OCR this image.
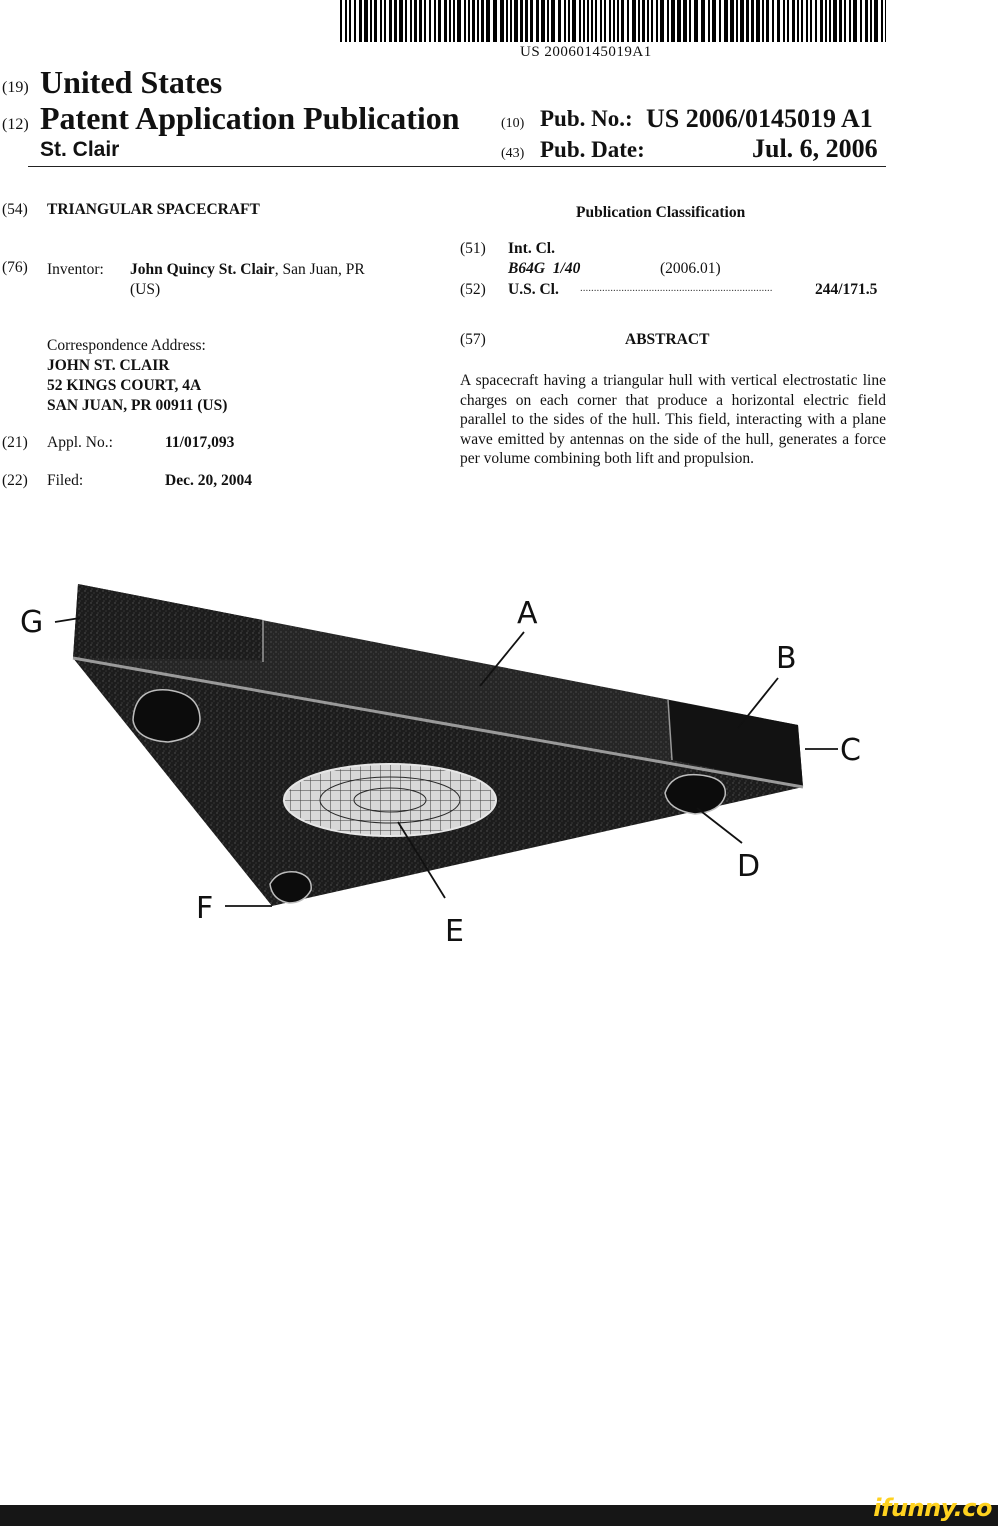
US 20060145019A1
(19) United States
(12) Patent Application Publication
St. Clair
(10) Pub. No.: US 2006/0145019 A1
(43) Pub. Date:	Jul. 6, 2006
(54) TRIANGULAR SPACECRAFT
(76) Inventor: John Quincy St. Clair, San Juan, PR
(US)
Correspondence Address:
JOHN ST. CLAIR
52 KINGS COURT, 4A
SAN JUAN, PR 00911 (US)
(21) Appl. No.:	11/017,093
(22) Filed:	Dec. 20, 2004
Publication Classification
(51) Int. Cl.
B64G  1/40	(2006.01)
(52) U.S. Cl. ......................................................................	244/171.5
(57)	ABSTRACT
A spacecraft having a triangular hull with vertical electrostatic line charges on each corner that produce a horizontal electric field parallel to the sides of the hull. This field, interacting with a plane wave emitted by antennas on the side of the hull, generates a force per volume combining both lift and propulsion.
G	A
B
C
D
E
F
ifunny.co
